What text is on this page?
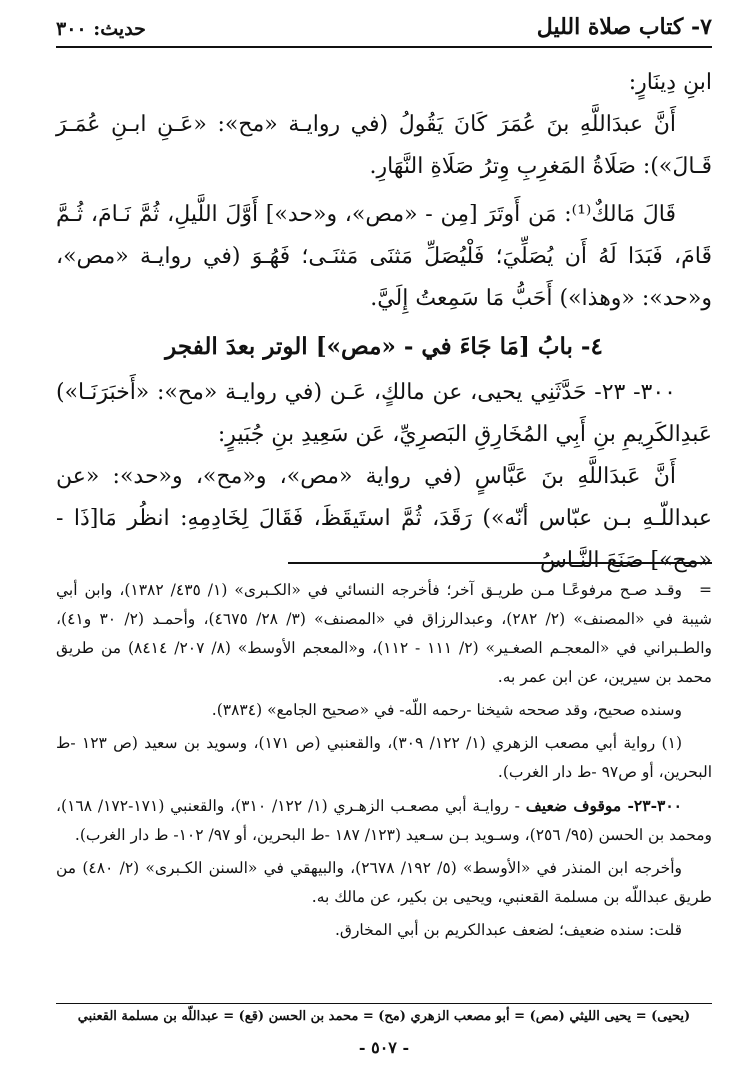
٧- كتاب صلاة الليل
حديث: ٣٠٠

ابنِ دِينَارٍ:

أَنَّ عبدَاللَّهِ بنَ عُمَرَ كَانَ يَقُولُ (في روايـة «مح»: «عَـنِ ابـنِ عُمَـرَ قَـالَ»): صَلَاةُ المَغرِبِ وِترُ صَلَاةِ النَّهَارِ.

قَالَ مَالكٌ⁽¹⁾: مَن أَوتَرَ [مِن - «مص»، و«حد»] أَوَّلَ اللَّيلِ، ثُمَّ نَـامَ، ثُـمَّ قَامَ، فَبَدَا لَهُ أَن يُصَلِّيَ؛ فَلْيُصَلِّ مَثنَى مَثنَـى؛ فَهُـوَ (في روايـة «مص»، و«حد»: «وهذا») أَحَبُّ مَا سَمِعتُ إِلَيَّ.

٤- بابُ [مَا جَاءَ في - «مص»] الوتر بعدَ الفجر

٣٠٠- ٢٣- حَدَّثَنِي يحيى، عن مالكٍ، عَـن (في روايـة «مح»: «أَخبَرَنَـا») عَبدِالكَرِيمِ بنِ أَبِي المُخَارِقِ البَصرِيِّ، عَن سَعِيدِ بنِ جُبَيرٍ:

أَنَّ عَبدَاللَّهِ بنَ عَبَّاسٍ (في رواية «مص»، و«مح»، و«حد»: «عن عبداللّـهِ بـن عبّاس أنّه») رَقَدَ، ثُمَّ استَيقَظَ، فَقَالَ لِخَادِمِهِ: انظُر مَا[ذَا - «مح»] صَنَعَ النَّـاسُ

=وقـد صـح مرفوعًـا مـن طريـق آخر؛ فأخرجه النسائي في «الكـبرى» (١/ ٤٣٥/ ١٣٨٢)، وابن أبي شيبة في «المصنف» (٢/ ٢٨٢)، وعبدالرزاق في «المصنف» (٣/ ٢٨/ ٤٦٧٥)، وأحمـد (٢/ ٣٠ و٤١)، والطـبراني في «المعجـم الصغـير» (٢/ ١١١ - ١١٢)، و«المعجم الأوسط» (٨/ ٢٠٧/ ٨٤١٤) من طريق محمد بن سيرين، عن ابن عمر به.

وسنده صحيح، وقد صححه شيخنا -رحمه اللّه- في «صحيح الجامع» (٣٨٣٤).

(١) رواية أبي مصعب الزهري (١/ ١٢٢/ ٣٠٩)، والقعنبي (ص ١٧١)، وسويد بن سعيد (ص ١٢٣ -ط البحرين، أو ص٩٧ -ط دار الغرب).

٣٠٠-٢٣- موقوف ضعيف - روايـة أبي مصعـب الزهـري (١/ ١٢٢/ ٣١٠)، والقعنبي (١٧١-١٧٢/ ١٦٨)، ومحمد بن الحسن (٩٥/ ٢٥٦)، وسـويد بـن سـعيد (١٢٣/ ١٨٧ -ط البحرين، أو ٩٧/ ١٠٢- ط دار الغرب).

وأخرجه ابن المنذر في «الأوسط» (٥/ ١٩٢/ ٢٦٧٨)، والبيهقي في «السنن الكـبرى» (٢/ ٤٨٠) من طريق عبداللّه بن مسلمة القعنبي، ويحيى بن بكير، عن مالك به.

قلت: سنده ضعيف؛ لضعف عبدالكريم بن أبي المخارق.

(يحيى) = يحيى الليثي (مص) = أبو مصعب الزهري (مح) = محمد بن الحسن (قع) = عبداللّه بن مسلمة القعنبي
- ٥٠٧ -
